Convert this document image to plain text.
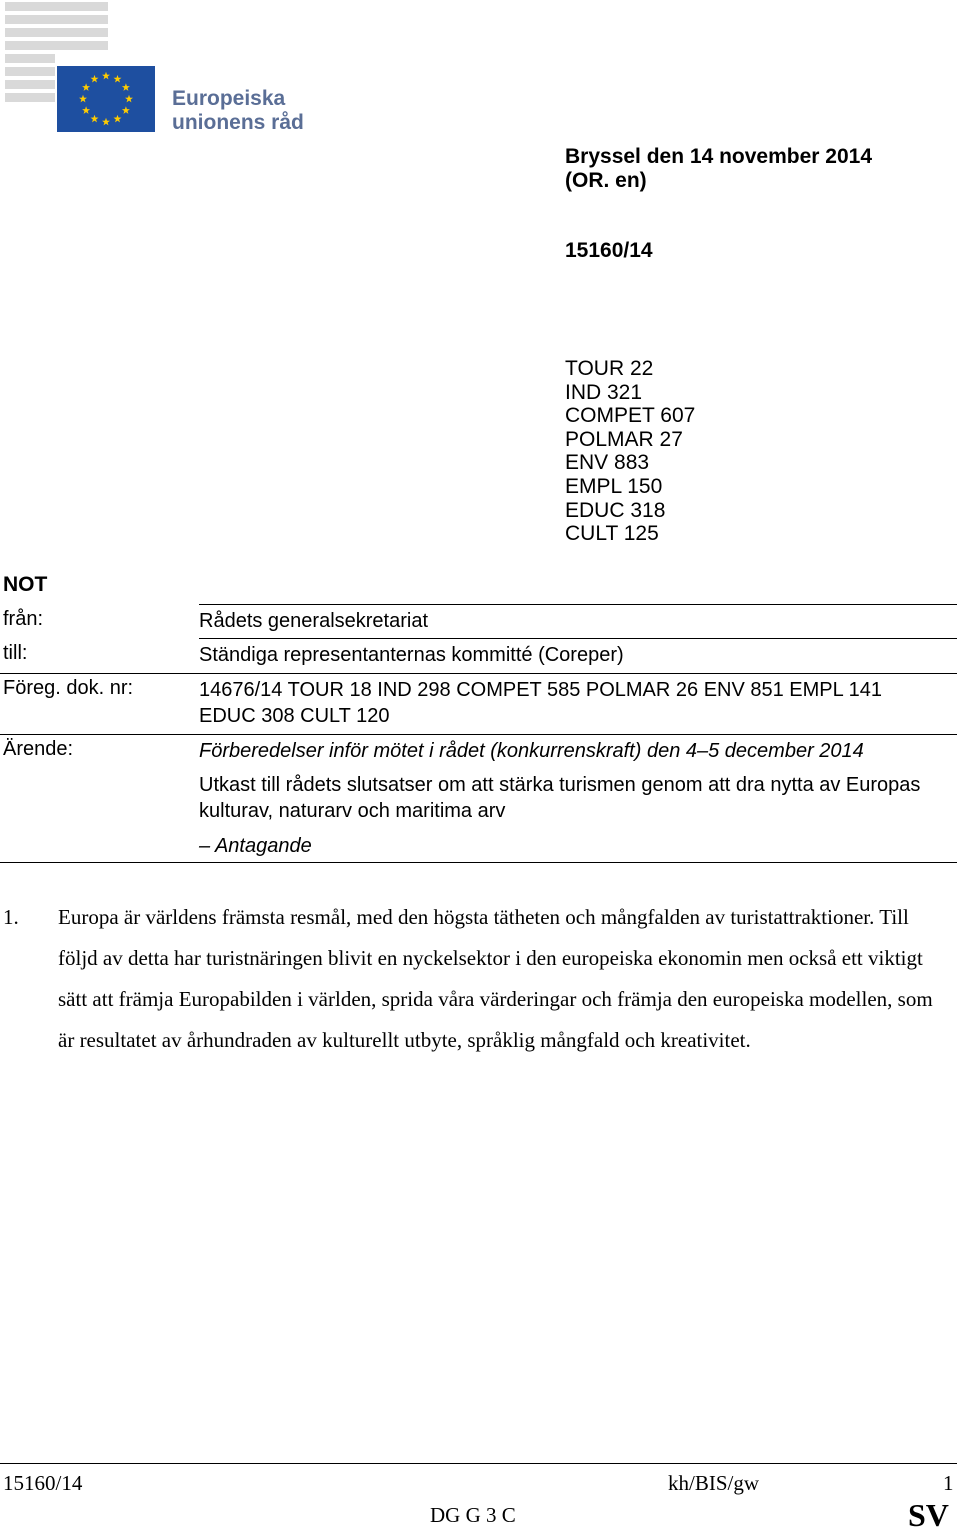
Europeiska
unionens råd
Bryssel den 14 november 2014
(OR. en)
15160/14
TOUR 22
IND 321
COMPET 607
POLMAR 27
ENV 883
EMPL 150
EDUC 318
CULT 125
NOT
från:	Rådets generalsekretariat
till:	Ständiga representanternas kommitté (Coreper)
Föreg. dok. nr:	14676/14 TOUR 18 IND 298 COMPET 585 POLMAR 26 ENV 851 EMPL 141 EDUC 308 CULT 120
Ärende:	Förberedelser inför mötet i rådet (konkurrenskraft) den 4–5 december 2014
Utkast till rådets slutsatser om att stärka turismen genom att dra nytta av Europas kulturav, naturarv och maritima arv
– Antagande
1. Europa är världens främsta resmål, med den högsta tätheten och mångfalden av turistattraktioner. Till följd av detta har turistnäringen blivit en nyckelsektor i den europeiska ekonomin men också ett viktigt sätt att främja Europabilden i världen, sprida våra värderingar och främja den europeiska modellen, som är resultatet av århundraden av kulturellt utbyte, språklig mångfald och kreativitet.
15160/14	kh/BIS/gw	1
DG G 3 C	SV
